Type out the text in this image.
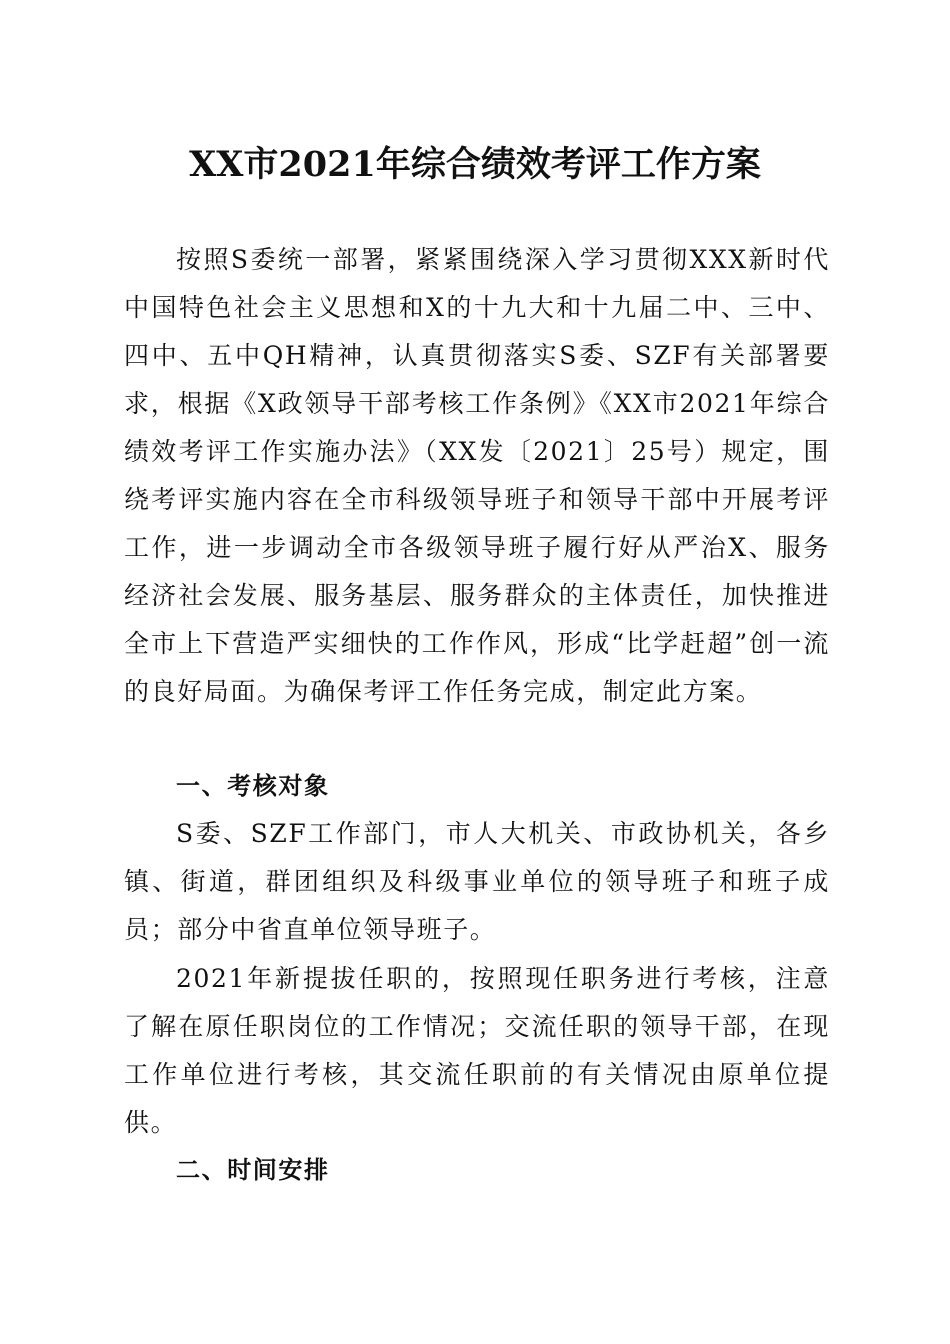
XX市2021年综合绩效考评工作方案

按照S委统一部署，紧紧围绕深入学习贯彻XXX新时代中国特色社会主义思想和X的十九大和十九届二中、三中、四中、五中QH精神，认真贯彻落实S委、SZF有关部署要求，根据《X政领导干部考核工作条例》《XX市2021年综合绩效考评工作实施办法》（XX发〔2021〕25号）规定，围绕考评实施内容在全市科级领导班子和领导干部中开展考评工作，进一步调动全市各级领导班子履行好从严治X、服务经济社会发展、服务基层、服务群众的主体责任，加快推进全市上下营造严实细快的工作作风，形成“比学赶超”创一流的良好局面。为确保考评工作任务完成，制定此方案。

一、考核对象

S委、SZF工作部门，市人大机关、市政协机关，各乡镇、街道，群团组织及科级事业单位的领导班子和班子成员；部分中省直单位领导班子。

2021年新提拔任职的，按照现任职务进行考核，注意了解在原任职岗位的工作情况；交流任职的领导干部，在现工作单位进行考核，其交流任职前的有关情况由原单位提供。

二、时间安排
